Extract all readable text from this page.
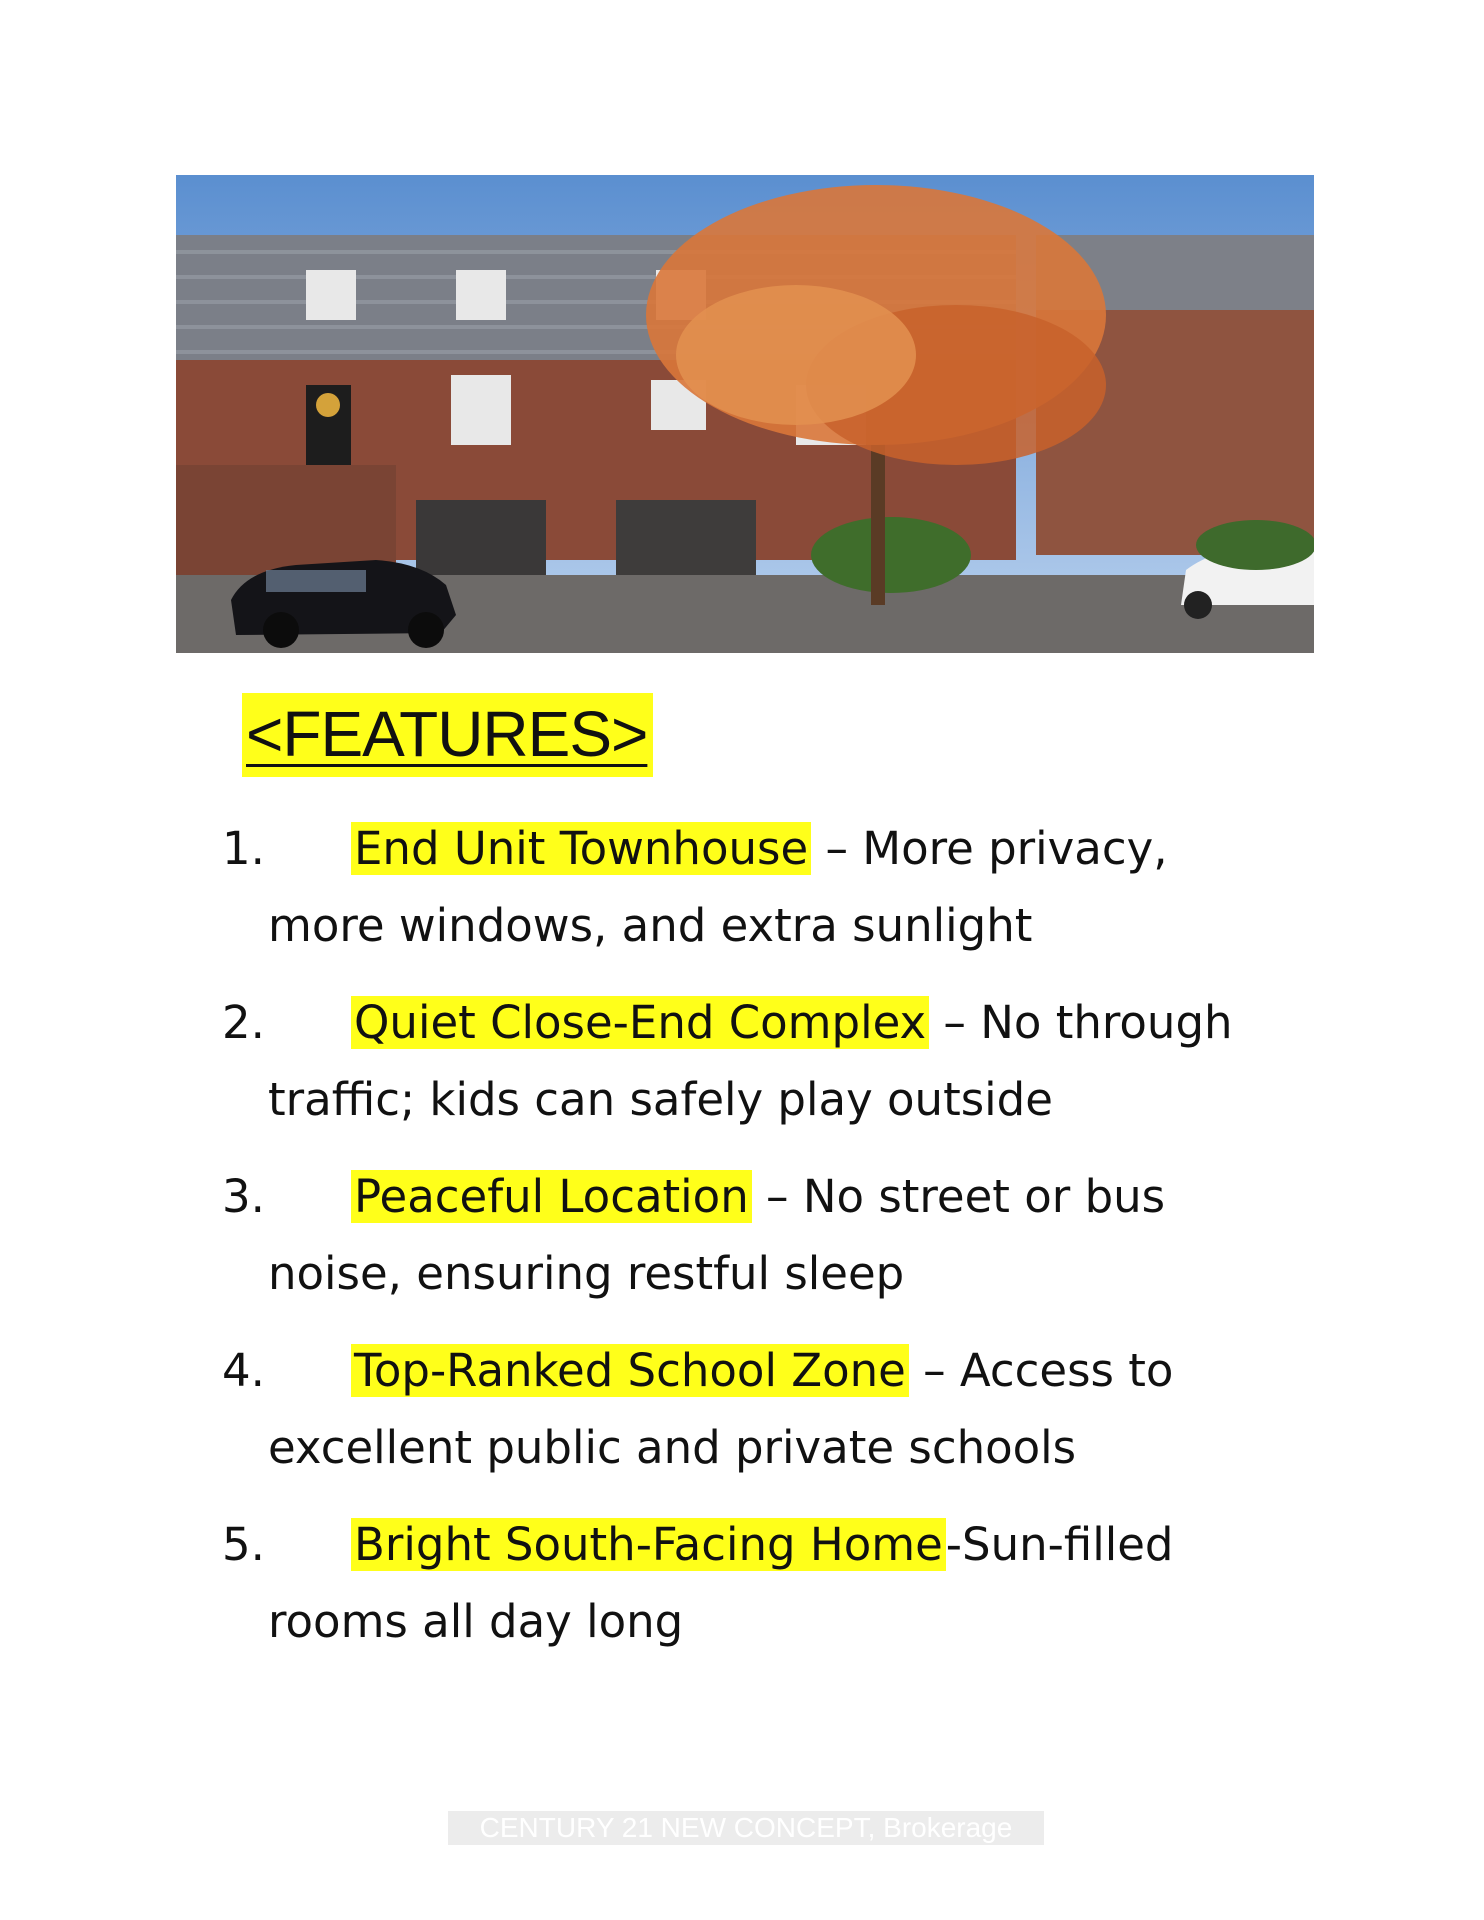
<FEATURES>
1. End Unit Townhouse – More privacy,
more windows, and extra sunlight
2. Quiet Close-End Complex – No through
traffic; kids can safely play outside
3. Peaceful Location – No street or bus
noise, ensuring restful sleep
4. Top-Ranked School Zone – Access to
excellent public and private schools
5. Bright South-Facing Home-Sun-filled
rooms all day long
CENTURY 21 NEW CONCEPT, Brokerage
